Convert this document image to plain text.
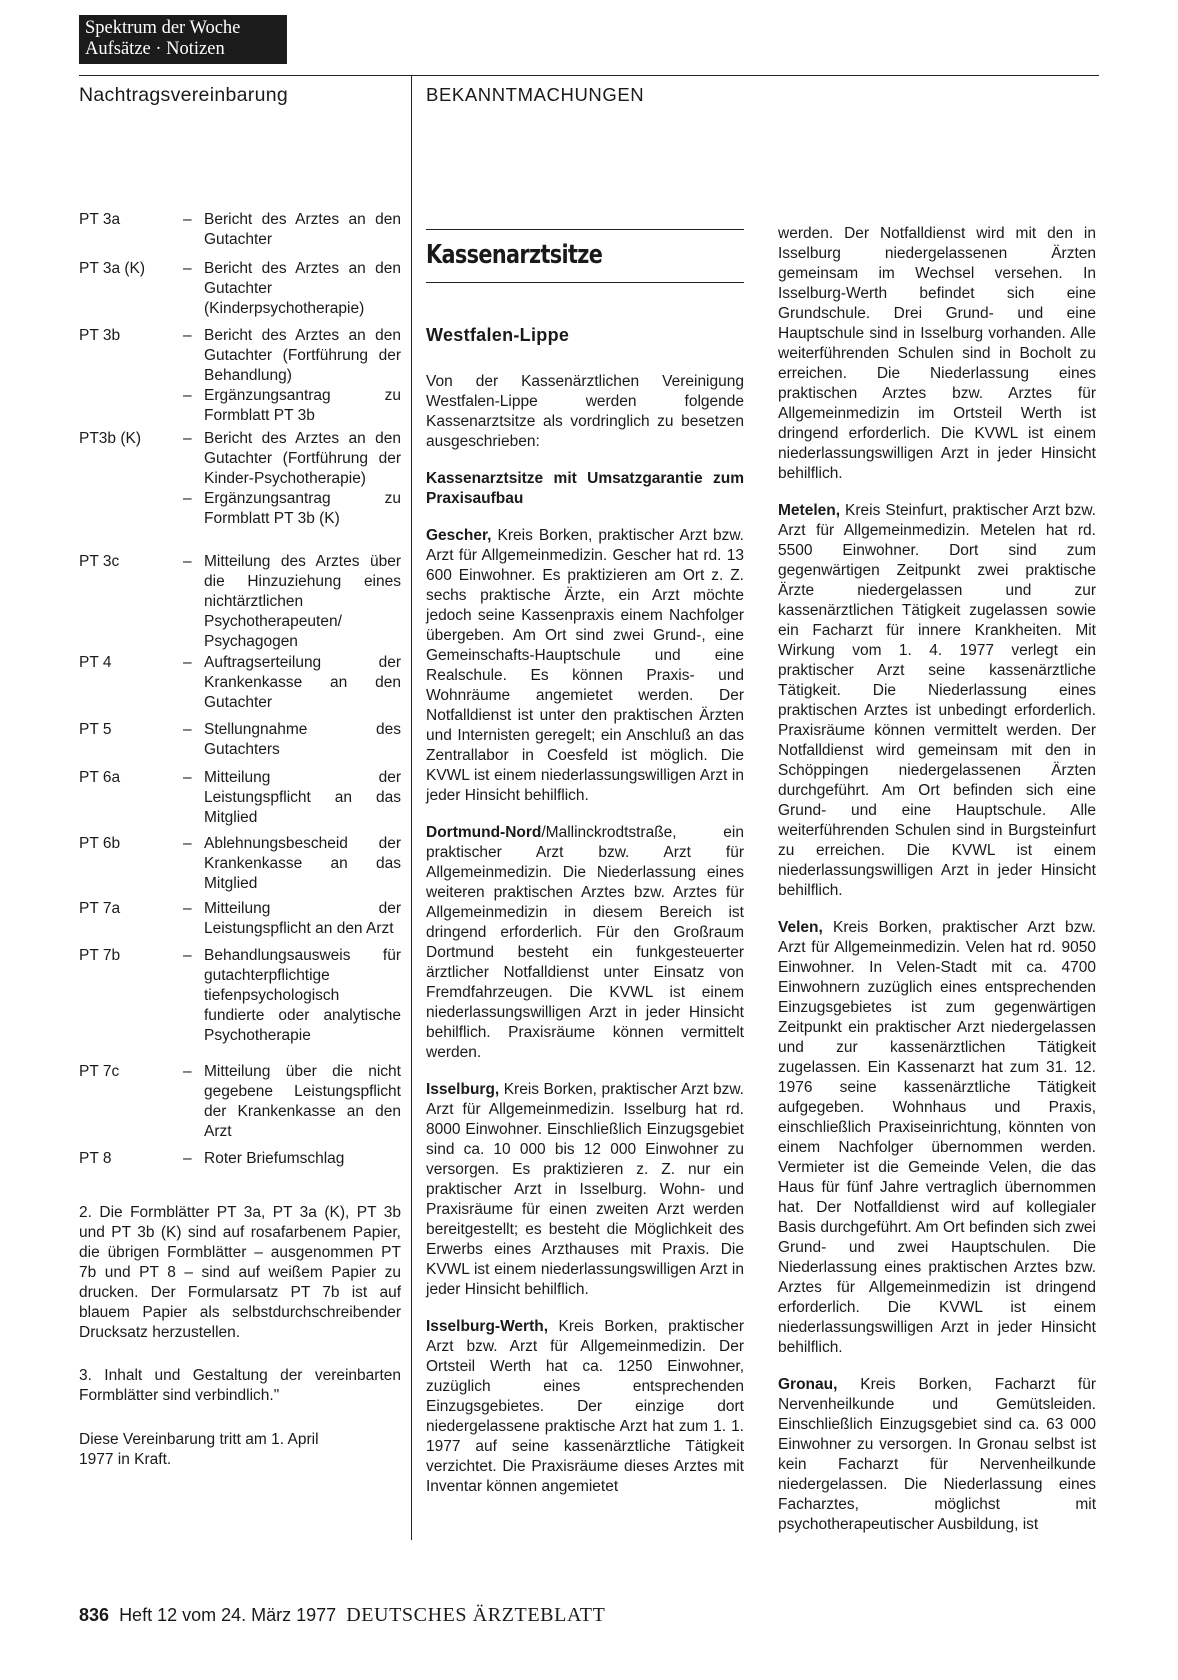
Spektrum der Woche
Aufsätze · Notizen
Nachtragsvereinbarung	BEKANNTMACHUNGEN
PT 3a	– Bericht des Arztes an den Gutachter
PT 3a (K)	– Bericht des Arztes an den Gutachter (Kinderpsychotherapie)
PT 3b	– Bericht des Arztes an den Gutachter (Fortführung der Behandlung)
– Ergänzungsantrag zu Formblatt PT 3b
PT3b (K)	– Bericht des Arztes an den Gutachter (Fortführung der Kinder-Psychotherapie)
– Ergänzungsantrag zu Formblatt PT 3b (K)
PT 3c	– Mitteilung des Arztes über die Hinzuziehung eines nichtärztlichen Psychotherapeuten/ Psychagogen
PT 4	– Auftragserteilung der Krankenkasse an den Gutachter
PT 5	– Stellungnahme des Gutachters
PT 6a	– Mitteilung der Leistungspflicht an das Mitglied
PT 6b	– Ablehnungsbescheid der Krankenkasse an das Mitglied
PT 7a	– Mitteilung der Leistungspflicht an den Arzt
PT 7b	– Behandlungsausweis für gutachterpflichtige tiefenpsychologisch fundierte oder analytische Psychotherapie
PT 7c	– Mitteilung über die nicht gegebene Leistungspflicht der Krankenkasse an den Arzt
PT 8	– Roter Briefumschlag
2. Die Formblätter PT 3a, PT 3a (K), PT 3b und PT 3b (K) sind auf rosafarbenem Papier, die übrigen Formblätter – ausgenommen PT 7b und PT 8 – sind auf weißem Papier zu drucken. Der Formularsatz PT 7b ist auf blauem Papier als selbstdurchschreibender Drucksatz herzustellen.
3. Inhalt und Gestaltung der vereinbarten Formblätter sind verbindlich."
Diese Vereinbarung tritt am 1. April 1977 in Kraft.
Kassenarztsitze
Westfalen-Lippe

Von der Kassenärztlichen Vereinigung Westfalen-Lippe werden folgende Kassenarztsitze als vordringlich zu besetzen ausgeschrieben:

Kassenarztsitze mit Umsatzgarantie zum Praxisaufbau

Gescher, Kreis Borken, praktischer Arzt bzw. Arzt für Allgemeinmedizin. Gescher hat rd. 13 600 Einwohner. Es praktizieren am Ort z. Z. sechs praktische Ärzte, ein Arzt möchte jedoch seine Kassenpraxis einem Nachfolger übergeben. Am Ort sind zwei Grund-, eine Gemeinschafts-Hauptschule und eine Realschule. Es können Praxis- und Wohnräume angemietet werden. Der Notfalldienst ist unter den praktischen Ärzten und Internisten geregelt; ein Anschluß an das Zentrallabor in Coesfeld ist möglich. Die KVWL ist einem niederlassungswilligen Arzt in jeder Hinsicht behilflich.

Dortmund-Nord/Mallinckrodtstraße, ein praktischer Arzt bzw. Arzt für Allgemeinmedizin. Die Niederlassung eines weiteren praktischen Arztes bzw. Arztes für Allgemeinmedizin in diesem Bereich ist dringend erforderlich. Für den Großraum Dortmund besteht ein funkgesteuerter ärztlicher Notfalldienst unter Einsatz von Fremdfahrzeugen. Die KVWL ist einem niederlassungswilligen Arzt in jeder Hinsicht behilflich. Praxisräume können vermittelt werden.

Isselburg, Kreis Borken, praktischer Arzt bzw. Arzt für Allgemeinmedizin. Isselburg hat rd. 8000 Einwohner. Einschließlich Einzugsgebiet sind ca. 10 000 bis 12 000 Einwohner zu versorgen. Es praktizieren z. Z. nur ein praktischer Arzt in Isselburg. Wohn- und Praxisräume für einen zweiten Arzt werden bereitgestellt; es besteht die Möglichkeit des Erwerbs eines Arzthauses mit Praxis. Die KVWL ist einem niederlassungswilligen Arzt in jeder Hinsicht behilflich.

Isselburg-Werth, Kreis Borken, praktischer Arzt bzw. Arzt für Allgemeinmedizin. Der Ortsteil Werth hat ca. 1250 Einwohner, zuzüglich eines entsprechenden Einzugsgebietes. Der einzige dort niedergelassene praktische Arzt hat zum 1. 1. 1977 auf seine kassenärztliche Tätigkeit verzichtet. Die Praxisräume dieses Arztes mit Inventar können angemietet

werden. Der Notfalldienst wird mit den in Isselburg niedergelassenen Ärzten gemeinsam im Wechsel versehen. In Isselburg-Werth befindet sich eine Grundschule. Drei Grund- und eine Hauptschule sind in Isselburg vorhanden. Alle weiterführenden Schulen sind in Bocholt zu erreichen. Die Niederlassung eines praktischen Arztes bzw. Arztes für Allgemeinmedizin im Ortsteil Werth ist dringend erforderlich. Die KVWL ist einem niederlassungswilligen Arzt in jeder Hinsicht behilflich.

Metelen, Kreis Steinfurt, praktischer Arzt bzw. Arzt für Allgemeinmedizin. Metelen hat rd. 5500 Einwohner. Dort sind zum gegenwärtigen Zeitpunkt zwei praktische Ärzte niedergelassen und zur kassenärztlichen Tätigkeit zugelassen sowie ein Facharzt für innere Krankheiten. Mit Wirkung vom 1. 4. 1977 verlegt ein praktischer Arzt seine kassenärztliche Tätigkeit. Die Niederlassung eines praktischen Arztes ist unbedingt erforderlich. Praxisräume können vermittelt werden. Der Notfalldienst wird gemeinsam mit den in Schöppingen niedergelassenen Ärzten durchgeführt. Am Ort befinden sich eine Grund- und eine Hauptschule. Alle weiterführenden Schulen sind in Burgsteinfurt zu erreichen. Die KVWL ist einem niederlassungswilligen Arzt in jeder Hinsicht behilflich.

Velen, Kreis Borken, praktischer Arzt bzw. Arzt für Allgemeinmedizin. Velen hat rd. 9050 Einwohner. In Velen-Stadt mit ca. 4700 Einwohnern zuzüglich eines entsprechenden Einzugsgebietes ist zum gegenwärtigen Zeitpunkt ein praktischer Arzt niedergelassen und zur kassenärztlichen Tätigkeit zugelassen. Ein Kassenarzt hat zum 31. 12. 1976 seine kassenärztliche Tätigkeit aufgegeben. Wohnhaus und Praxis, einschließlich Praxiseinrichtung, könnten von einem Nachfolger übernommen werden. Vermieter ist die Gemeinde Velen, die das Haus für fünf Jahre vertraglich übernommen hat. Der Notfalldienst wird auf kollegialer Basis durchgeführt. Am Ort befinden sich zwei Grund- und zwei Hauptschulen. Die Niederlassung eines praktischen Arztes bzw. Arztes für Allgemeinmedizin ist dringend erforderlich. Die KVWL ist einem niederlassungswilligen Arzt in jeder Hinsicht behilflich.

Gronau, Kreis Borken, Facharzt für Nervenheilkunde und Gemütsleiden. Einschließlich Einzugsgebiet sind ca. 63 000 Einwohner zu versorgen. In Gronau selbst ist kein Facharzt für Nervenheilkunde niedergelassen. Die Niederlassung eines Facharztes, möglichst mit psychotherapeutischer Ausbildung, ist

836 Heft 12 vom 24. März 1977 DEUTSCHES ÄRZTEBLATT
